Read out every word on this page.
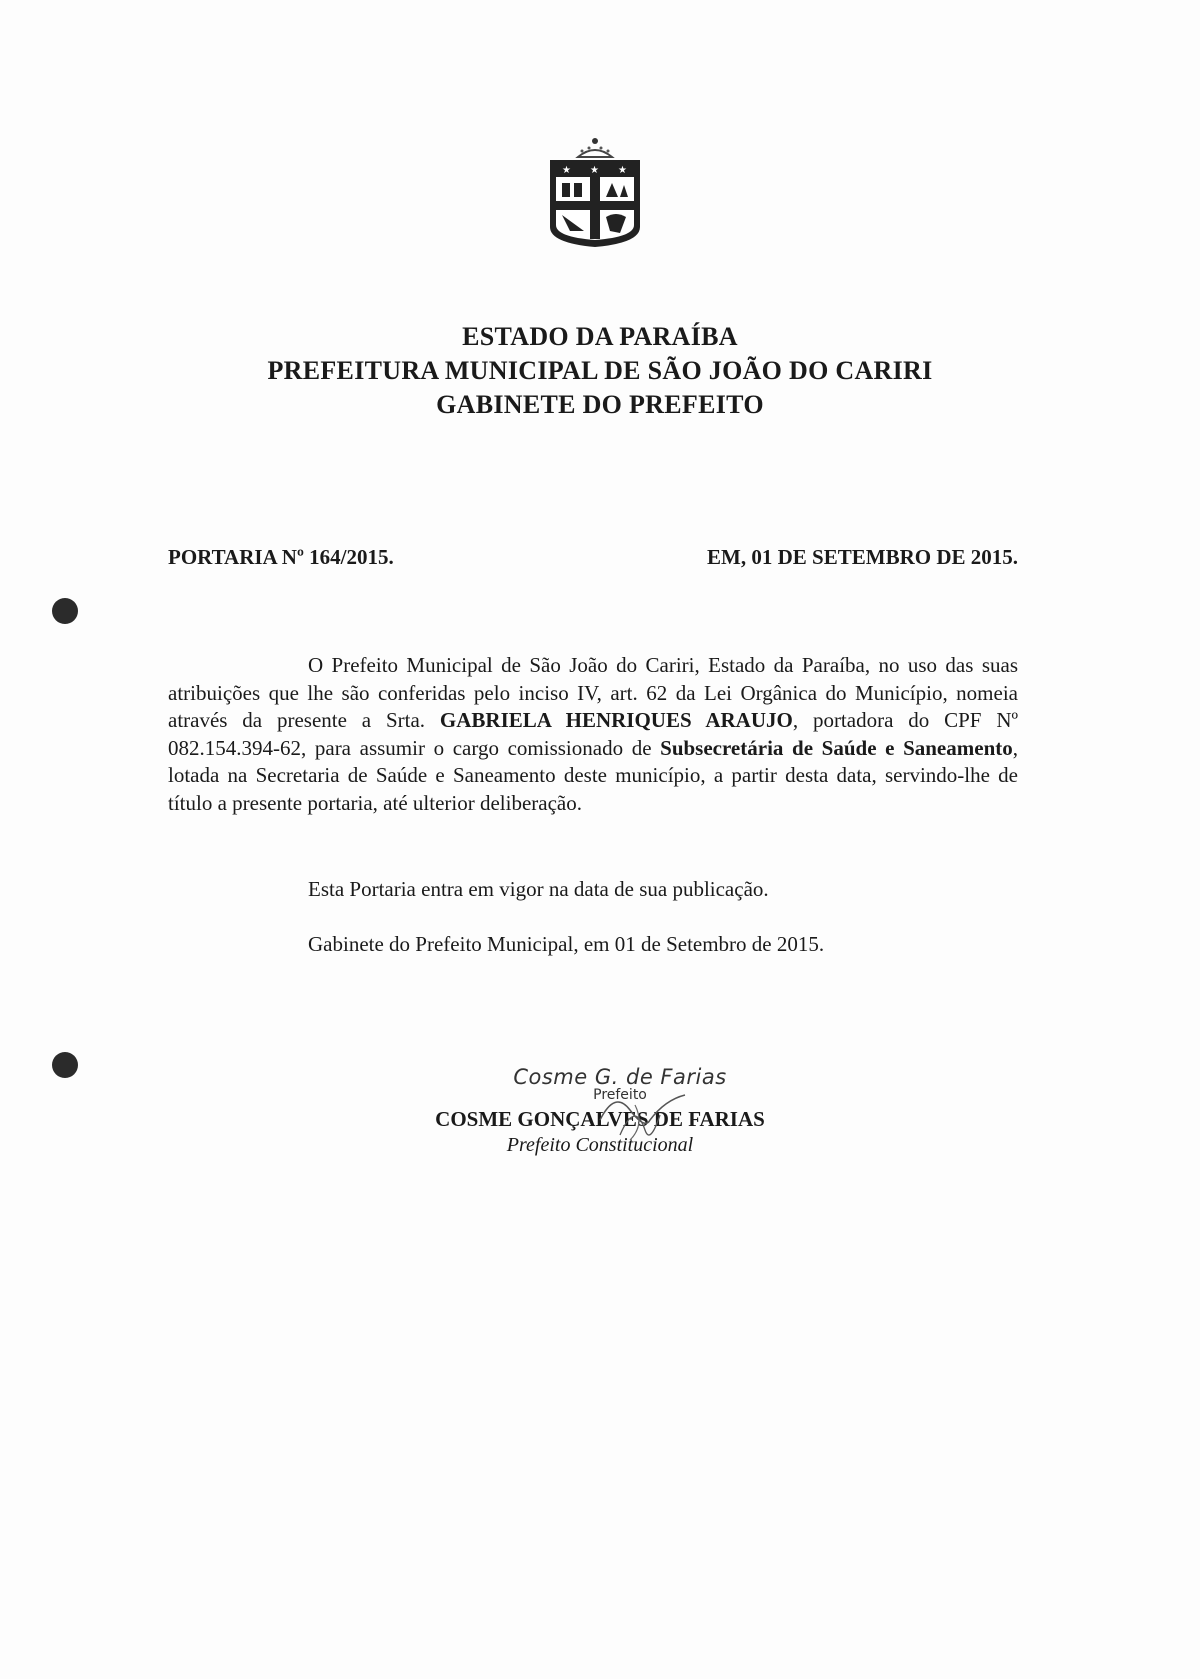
★ ★ ★
ESTADO DA PARAÍBA
PREFEITURA MUNICIPAL DE SÃO JOÃO DO CARIRI
GABINETE DO PREFEITO
PORTARIA Nº 164/2015.	EM, 01 DE SETEMBRO DE 2015.
O Prefeito Municipal de São João do Cariri, Estado da Paraíba, no uso das suas atribuições que lhe são conferidas pelo inciso IV, art. 62 da Lei Orgânica do Município, nomeia através da presente a Srta. GABRIELA HENRIQUES ARAUJO, portadora do CPF Nº 082.154.394-62, para assumir o cargo comissionado de Subsecretária de Saúde e Saneamento, lotada na Secretaria de Saúde e Saneamento deste município, a partir desta data, servindo-lhe de título a presente portaria, até ulterior deliberação.
Esta Portaria entra em vigor na data de sua publicação.
Gabinete do Prefeito Municipal, em 01 de Setembro de 2015.
Cosme G. de Farias
Prefeito
COSME GONÇALVES DE FARIAS
Prefeito Constitucional
